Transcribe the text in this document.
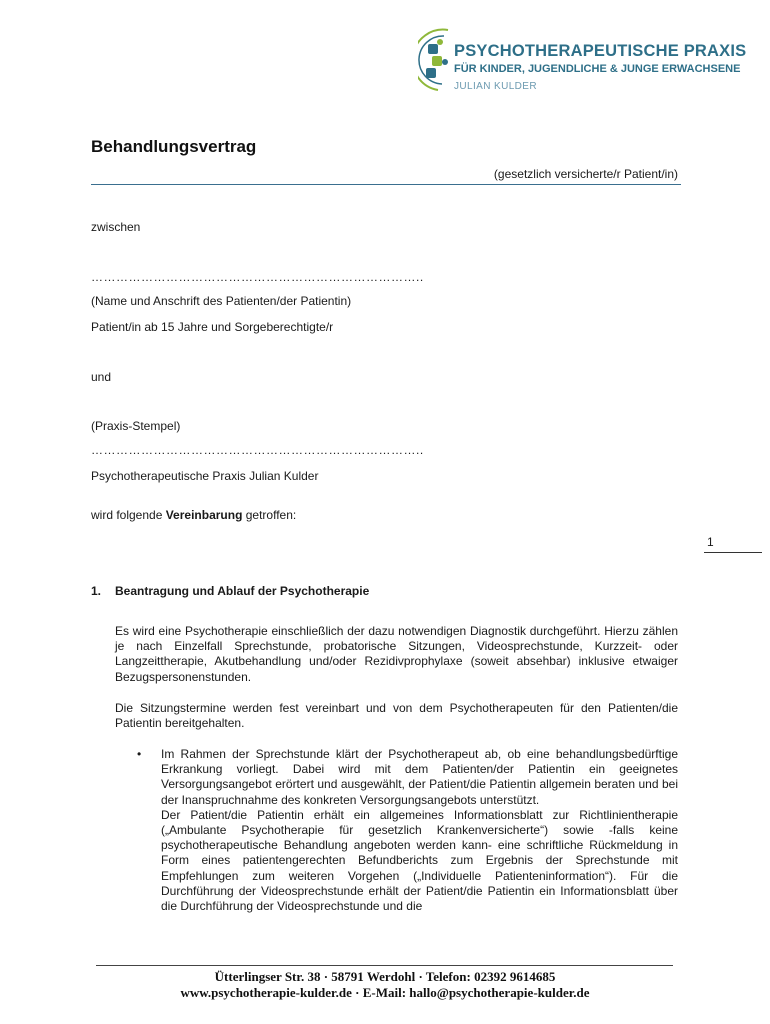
PSYCHOTHERAPEUTISCHE PRAXIS
FÜR KINDER, JUGENDLICHE & JUNGE ERWACHSENE
JULIAN KULDER
Behandlungsvertrag
(gesetzlich versicherte/r Patient/in)
zwischen
……………………………………………………………………..
(Name und Anschrift des Patienten/der Patientin)
Patient/in ab 15 Jahre und Sorgeberechtigte/r
und
(Praxis-Stempel)
……………………………………………………………………..
Psychotherapeutische Praxis Julian Kulder
wird folgende Vereinbarung getroffen:
1
1. Beantragung und Ablauf der Psychotherapie
Es wird eine Psychotherapie einschließlich der dazu notwendigen Diagnostik durchgeführt. Hierzu zählen je nach Einzelfall Sprechstunde, probatorische Sitzungen, Videosprechstunde, Kurzzeit- oder Langzeittherapie, Akutbehandlung und/oder Rezidivprophylaxe (soweit absehbar) inklusive etwaiger Bezugspersonenstunden.
Die Sitzungstermine werden fest vereinbart und von dem Psychotherapeuten für den Patienten/die Patientin bereitgehalten.
• Im Rahmen der Sprechstunde klärt der Psychotherapeut ab, ob eine behandlungsbedürftige Erkrankung vorliegt. Dabei wird mit dem Patienten/der Patientin ein geeignetes Versorgungsangebot erörtert und ausgewählt, der Patient/die Patientin allgemein beraten und bei der Inanspruchnahme des konkreten Versorgungsangebots unterstützt.

Der Patient/die Patientin erhält ein allgemeines Informationsblatt zur Richtlinientherapie („Ambulante Psychotherapie für gesetzlich Krankenversicherte“) sowie -falls keine psychotherapeutische Behandlung angeboten werden kann- eine schriftliche Rückmeldung in Form eines patientengerechten Befundberichts zum Ergebnis der Sprechstunde mit Empfehlungen zum weiteren Vorgehen („Individuelle Patienteninformation“). Für die Durchführung der Videosprechstunde erhält der Patient/die Patientin ein Informationsblatt über die Durchführung der Videosprechstunde und die

Ütterlingser Str. 38 · 58791 Werdohl · Telefon: 02392 9614685
www.psychotherapie-kulder.de · E-Mail: hallo@psychotherapie-kulder.de
